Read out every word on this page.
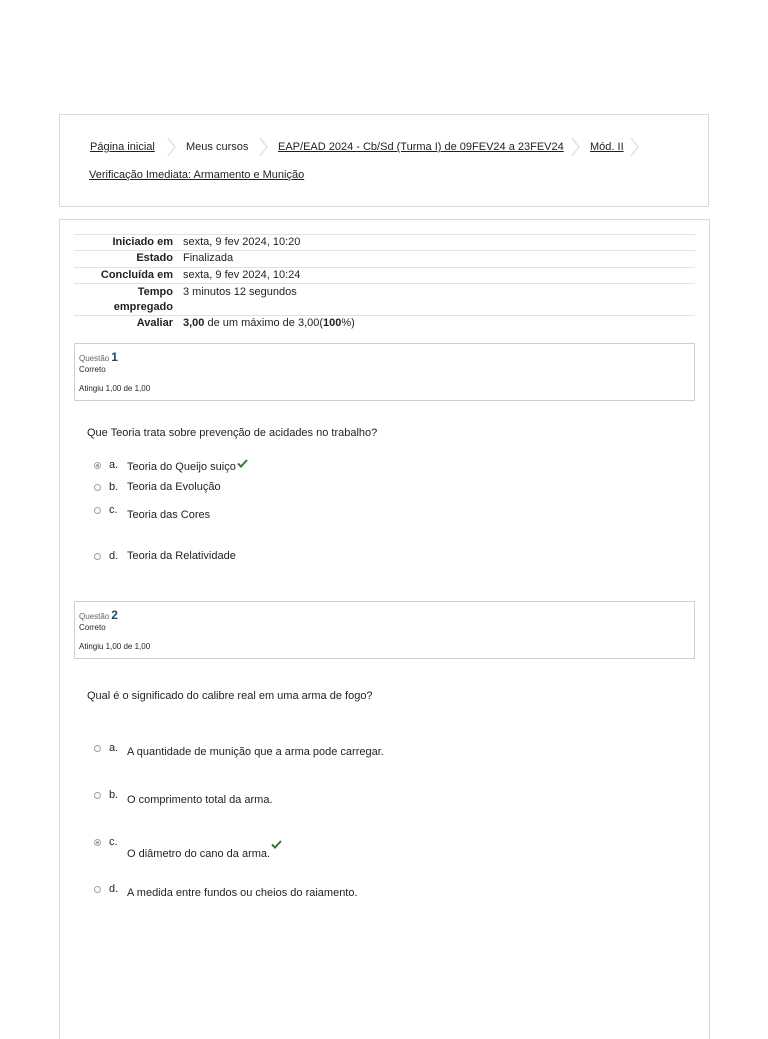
Página inicial	Meus cursos	EAP/EAD 2024 - Cb/Sd (Turma I) de 09FEV24 a 23FEV24 Mód. II
Verificação Imediata: Armamento e Munição
Iniciado em sexta, 9 fev 2024, 10:20
Estado Finalizada
Concluída em sexta, 9 fev 2024, 10:24
Tempo
empregado
3 minutos 12 segundos
Avaliar 3,00 de um máximo de 3,00(100%)
Questão 1
Correto
Atingiu 1,00 de 1,00
Que Teoria trata sobre prevenção de acidades no trabalho?
a. Teoria do Queijo suiço
b. Teoria da Evolução
c. Teoria das Cores
d. Teoria da Relatividade
Questão 2
Correto
Atingiu 1,00 de 1,00
Qual é o significado do calibre real em uma arma de fogo?
a. A quantidade de munição que a arma pode carregar.
b. O comprimento total da arma.
c.
O diâmetro do cano da arma.
d. A medida entre fundos ou cheios do raiamento.
